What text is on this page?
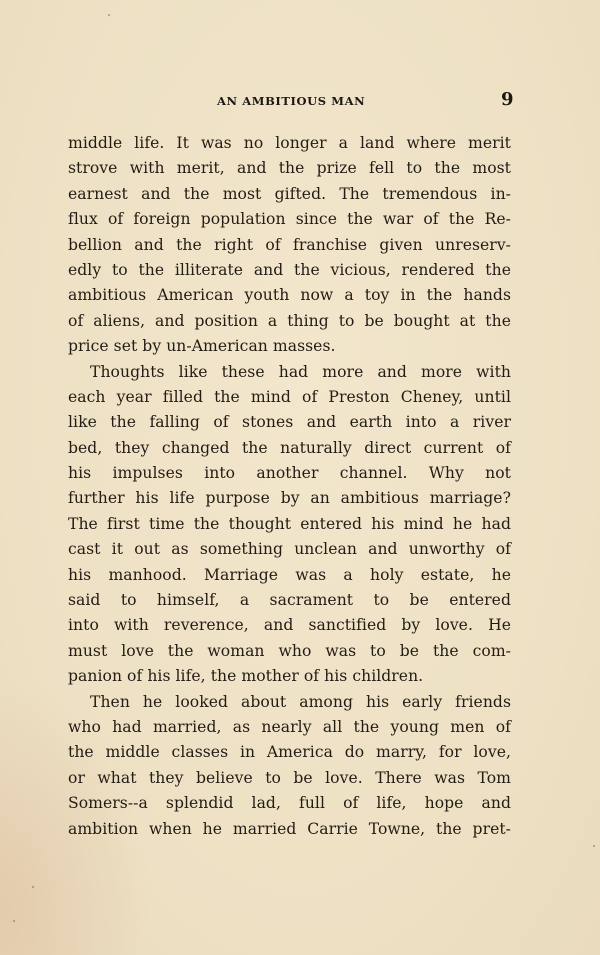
AN AMBITIOUS MAN	9
middle life. It was no longer a land where merit
strove with merit, and the prize fell to the most
earnest and the most gifted. The tremendous in-
flux of foreign population since the war of the Re-
bellion and the right of franchise given unreserv-
edly to the illiterate and the vicious, rendered the
ambitious American youth now a toy in the hands
of aliens, and position a thing to be bought at the
price set by un-American masses.
Thoughts like these had more and more with
each year filled the mind of Preston Cheney, until
like the falling of stones and earth into a river
bed, they changed the naturally direct current of
his impulses into another channel. Why not
further his life purpose by an ambitious marriage?
The first time the thought entered his mind he had
cast it out as something unclean and unworthy of
his manhood. Marriage was a holy estate, he
said to himself, a sacrament to be entered
into with reverence, and sanctified by love. He
must love the woman who was to be the com-
panion of his life, the mother of his children.
Then he looked about among his early friends
who had married, as nearly all the young men of
the middle classes in America do marry, for love,
or what they believe to be love. There was Tom
Somers--a splendid lad, full of life, hope and
ambition when he married Carrie Towne, the pret-
